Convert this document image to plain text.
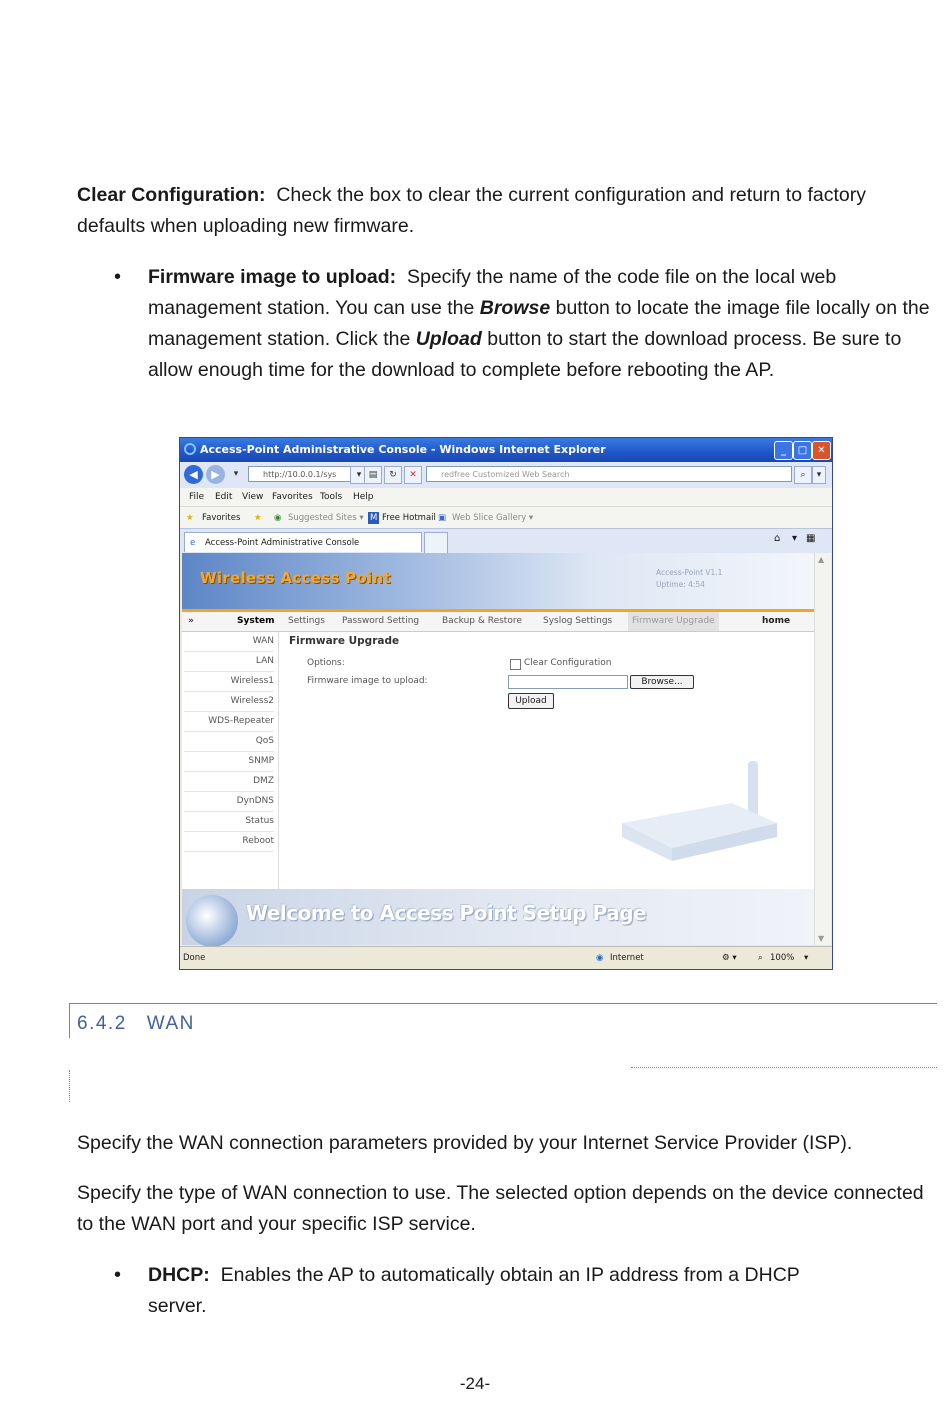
Clear Configuration: Check the box to clear the current configuration and return to factory defaults when uploading new firmware.
• Firmware image to upload: Specify the name of the code file on the local web management station. You can use the Browse button to locate the image file locally on the management station. Click the Upload button to start the download process. Be sure to allow enough time for the download to complete before rebooting the AP.
Access-Point Administrative Console - Windows Internet Explorer	_	□	✕
◀	▶	▾	http://10.0.0.1/sys	▾ ▤	↻	✕	redfree Customized Web Search	⌕	▾
File Edit View Favorites Tools Help
★ Favorites ★ ◉ Suggested Sites ▾ M Free Hotmail ▣ Web Slice Gallery ▾
e Access-Point Administrative Console	⌂ ▾ ▦
Wireless Access Point	Access-Point V1.1
Uptime: 4:54
»	System Settings Password Setting	Backup & Restore Syslog Settings	Firmware Upgrade	home
WAN
LAN
Wireless1
Wireless2
WDS-Repeater
QoS
SNMP
DMZ
DynDNS
Status
Reboot
Firmware Upgrade
Options:	Clear Configuration
Firmware image to upload:	Browse...
Upload
Welcome to Access Point Setup Page
▲
▼
Done	◉ Internet	⚙ ▾	⌕ 100% ▾
6.4.2 WAN
Specify the WAN connection parameters provided by your Internet Service Provider (ISP).
Specify the type of WAN connection to use. The selected option depends on the device connected to the WAN port and your specific ISP service.
• DHCP: Enables the AP to automatically obtain an IP address from a DHCP server.
-24-
